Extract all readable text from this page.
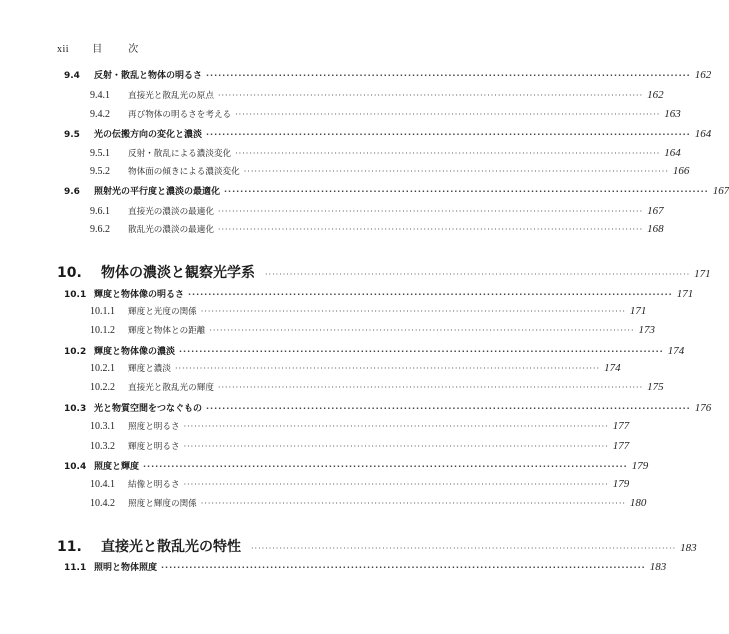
xii 目　次
9.4	反射・散乱と物体の明るさ ························································································································ 162
9.4.1	直接光と散乱光の原点 ························································································································ 162
9.4.2	再び物体の明るさを考える ························································································································ 163
9.5	光の伝搬方向の変化と濃淡 ························································································································ 164
9.5.1	反射・散乱による濃淡変化 ························································································································ 164
9.5.2	物体面の傾きによる濃淡変化 ························································································································ 166
9.6	照射光の平行度と濃淡の最適化 ························································································································ 167
9.6.1	直接光の濃淡の最適化 ························································································································ 167
9.6.2	散乱光の濃淡の最適化 ························································································································ 168
10.	物体の濃淡と観察光学系 ························································································································ 171
10.1 輝度と物体像の明るさ ························································································································ 171
10.1.1	輝度と光度の関係 ························································································································ 171
10.1.2	輝度と物体との距離 ························································································································ 173
10.2 輝度と物体像の濃淡 ························································································································ 174
10.2.1	輝度と濃淡 ························································································································ 174
10.2.2	直接光と散乱光の輝度 ························································································································ 175
10.3 光と物質空間をつなぐもの ························································································································ 176
10.3.1	照度と明るさ ························································································································ 177
10.3.2	輝度と明るさ ························································································································ 177
10.4 照度と輝度 ························································································································ 179
10.4.1	結像と明るさ ························································································································ 179
10.4.2	照度と輝度の関係 ························································································································ 180
11.	直接光と散乱光の特性 ························································································································ 183
11.1 照明と物体照度 ························································································································ 183
